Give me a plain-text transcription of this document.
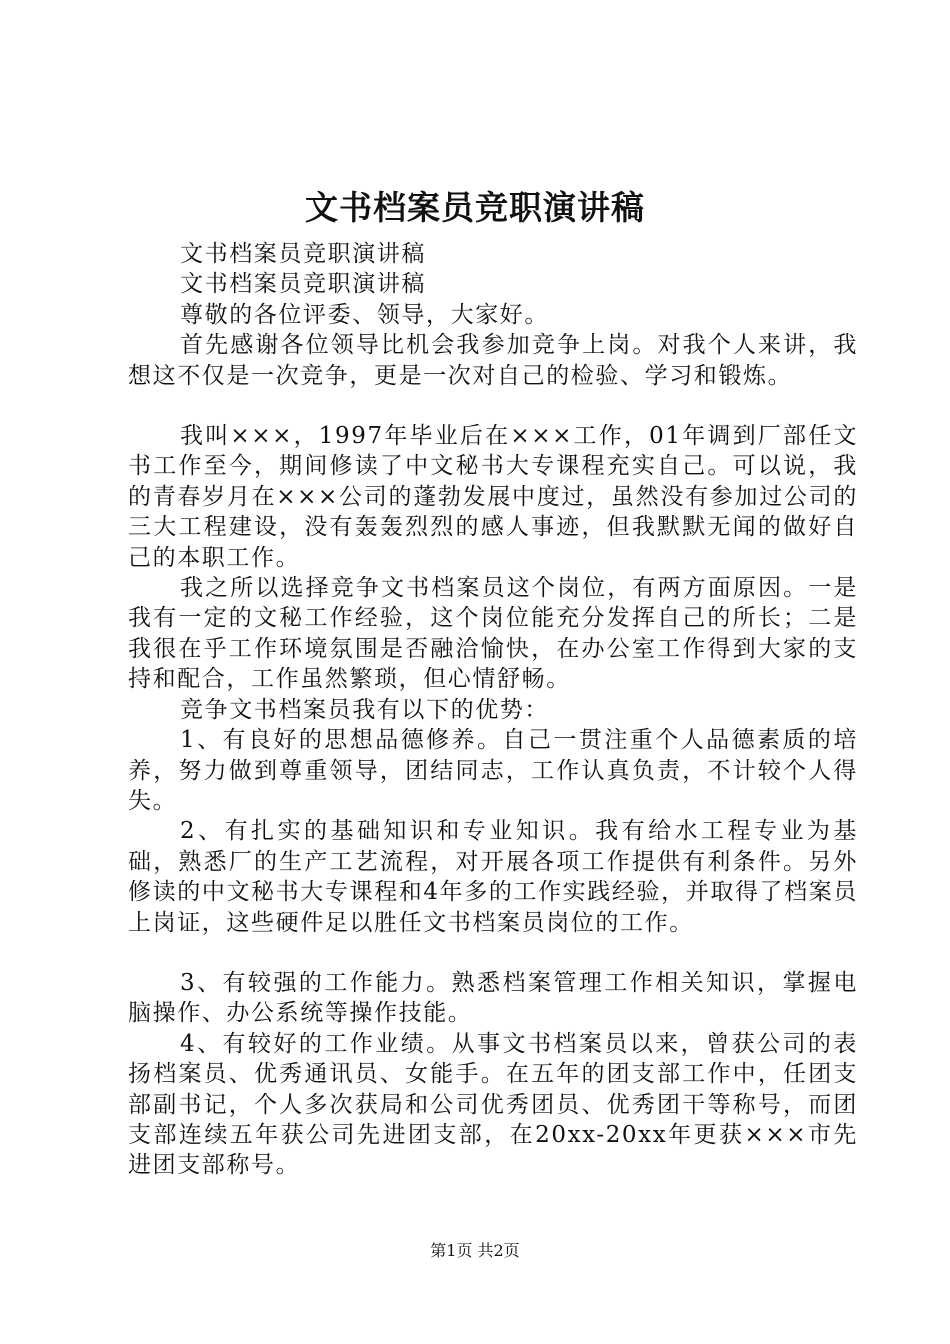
文书档案员竞职演讲稿

文书档案员竞职演讲稿

文书档案员竞职演讲稿

尊敬的各位评委、领导，大家好。

首先感谢各位领导比机会我参加竞争上岗。对我个人来讲，我想这不仅是一次竞争，更是一次对自己的检验、学习和锻炼。

我叫×××，1997年毕业后在×××工作，01年调到厂部任文书工作至今，期间修读了中文秘书大专课程充实自己。可以说，我的青春岁月在×××公司的蓬勃发展中度过，虽然没有参加过公司的三大工程建设，没有轰轰烈烈的感人事迹，但我默默无闻的做好自己的本职工作。

我之所以选择竞争文书档案员这个岗位，有两方面原因。一是我有一定的文秘工作经验，这个岗位能充分发挥自己的所长；二是我很在乎工作环境氛围是否融洽愉快，在办公室工作得到大家的支持和配合，工作虽然繁琐，但心情舒畅。

竞争文书档案员我有以下的优势：

1、有良好的思想品德修养。自己一贯注重个人品德素质的培养，努力做到尊重领导，团结同志，工作认真负责，不计较个人得失。

2、有扎实的基础知识和专业知识。我有给水工程专业为基础，熟悉厂的生产工艺流程，对开展各项工作提供有利条件。另外修读的中文秘书大专课程和4年多的工作实践经验，并取得了档案员上岗证，这些硬件足以胜任文书档案员岗位的工作。

3、有较强的工作能力。熟悉档案管理工作相关知识，掌握电脑操作、办公系统等操作技能。

4、有较好的工作业绩。从事文书档案员以来，曾获公司的表扬档案员、优秀通讯员、女能手。在五年的团支部工作中，任团支部副书记，个人多次获局和公司优秀团员、优秀团干等称号，而团支部连续五年获公司先进团支部，在20xx-20xx年更获×××市先进团支部称号。

第1页 共2页
